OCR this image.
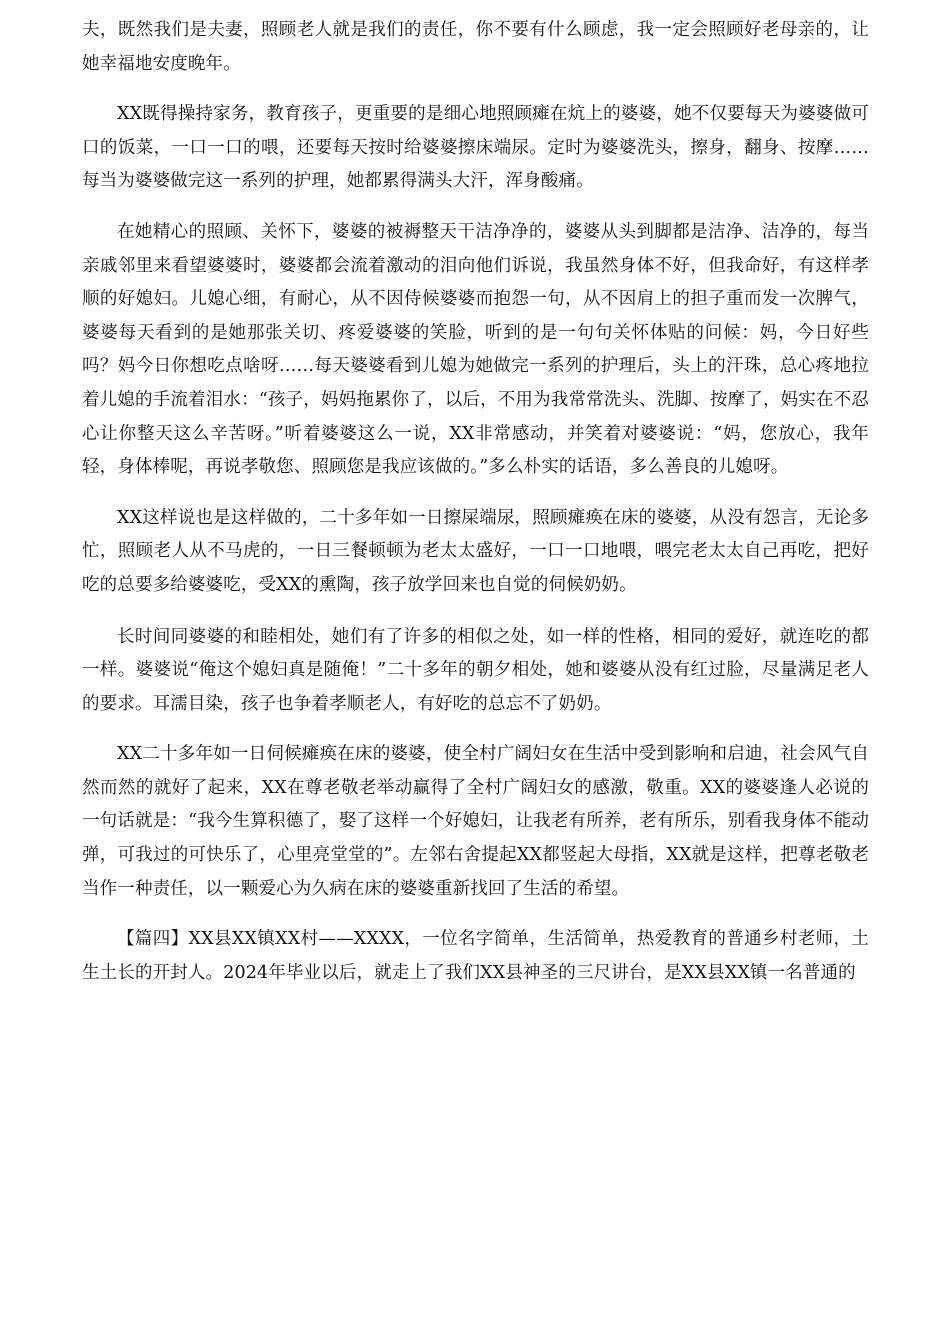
夫，既然我们是夫妻，照顾老人就是我们的责任，你不要有什么顾虑，我一定会照顾好老母亲的，让她幸福地安度晚年。

XX既得操持家务，教育孩子，更重要的是细心地照顾瘫在炕上的婆婆，她不仅要每天为婆婆做可口的饭菜，一口一口的喂，还要每天按时给婆婆擦床端尿。定时为婆婆洗头，擦身，翻身、按摩……每当为婆婆做完这一系列的护理，她都累得满头大汗，浑身酸痛。

在她精心的照顾、关怀下，婆婆的被褥整天干洁净净的，婆婆从头到脚都是洁净、洁净的，每当亲戚邻里来看望婆婆时，婆婆都会流着激动的泪向他们诉说，我虽然身体不好，但我命好，有这样孝顺的好媳妇。儿媳心细，有耐心，从不因侍候婆婆而抱怨一句，从不因肩上的担子重而发一次脾气，婆婆每天看到的是她那张关切、疼爱婆婆的笑脸，听到的是一句句关怀体贴的问候：妈，今日好些吗？妈今日你想吃点啥呀……每天婆婆看到儿媳为她做完一系列的护理后，头上的汗珠，总心疼地拉着儿媳的手流着泪水：“孩子，妈妈拖累你了，以后，不用为我常常洗头、洗脚、按摩了，妈实在不忍心让你整天这么辛苦呀。”听着婆婆这么一说，XX非常感动，并笑着对婆婆说：“妈，您放心，我年轻，身体棒呢，再说孝敬您、照顾您是我应该做的。”多么朴实的话语，多么善良的儿媳呀。

XX这样说也是这样做的，二十多年如一日擦屎端尿，照顾瘫痪在床的婆婆，从没有怨言，无论多忙，照顾老人从不马虎的，一日三餐顿顿为老太太盛好，一口一口地喂，喂完老太太自己再吃，把好吃的总要多给婆婆吃，受XX的熏陶，孩子放学回来也自觉的伺候奶奶。

长时间同婆婆的和睦相处，她们有了许多的相似之处，如一样的性格，相同的爱好，就连吃的都一样。婆婆说“俺这个媳妇真是随俺！”二十多年的朝夕相处，她和婆婆从没有红过脸，尽量满足老人的要求。耳濡目染，孩子也争着孝顺老人，有好吃的总忘不了奶奶。

XX二十多年如一日伺候瘫痪在床的婆婆，使全村广阔妇女在生活中受到影响和启迪，社会风气自然而然的就好了起来，XX在尊老敬老举动赢得了全村广阔妇女的感激，敬重。XX的婆婆逢人必说的一句话就是：“我今生算积德了，娶了这样一个好媳妇，让我老有所养，老有所乐，别看我身体不能动弹，可我过的可快乐了，心里亮堂堂的”。左邻右舍提起XX都竖起大母指，XX就是这样，把尊老敬老当作一种责任，以一颗爱心为久病在床的婆婆重新找回了生活的希望。

【篇四】XX县XX镇XX村——XXXX，一位名字简单，生活简单，热爱教育的普通乡村老师，土生土长的开封人。2024年毕业以后，就走上了我们XX县神圣的三尺讲台，是XX县XX镇一名普通的
